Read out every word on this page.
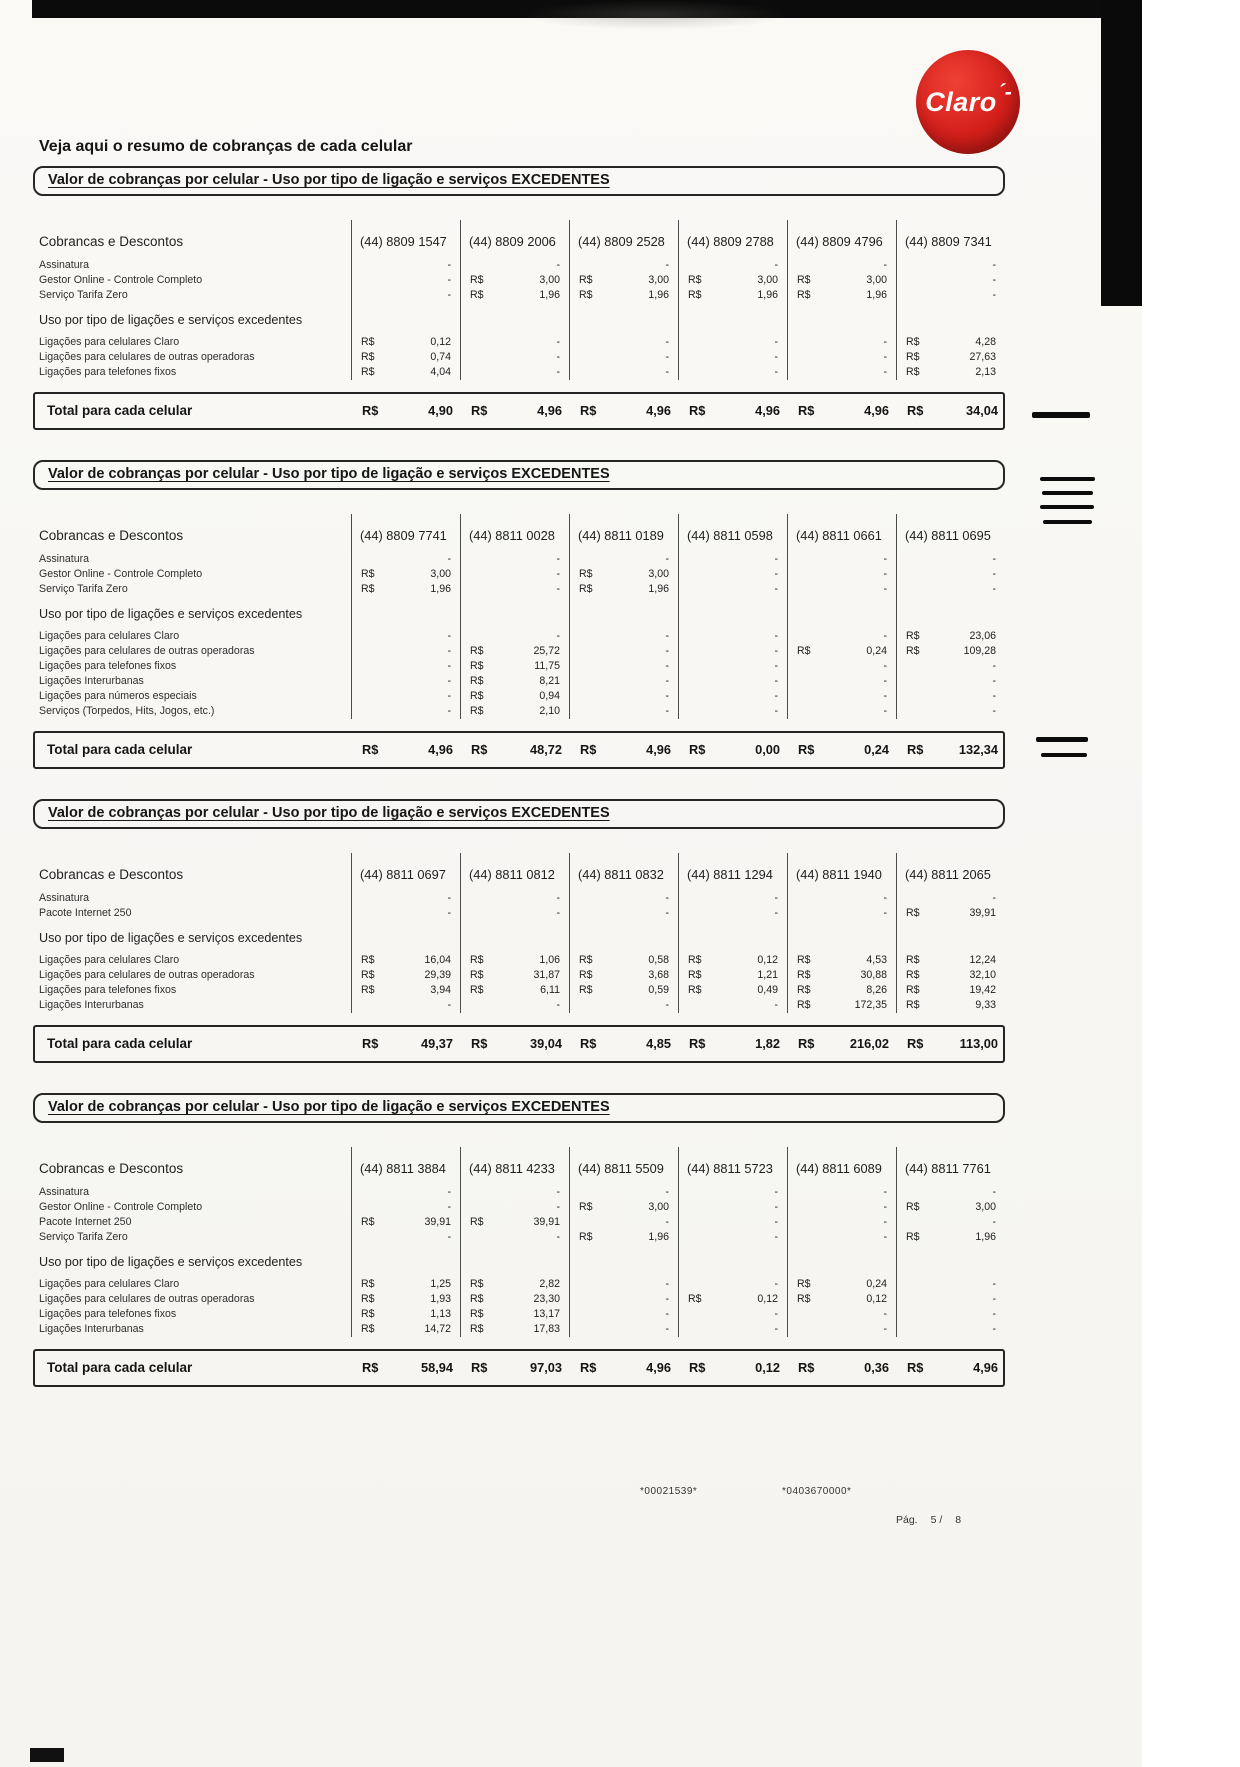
Claro ´-
Veja aqui o resumo de cobranças de cada celular
Valor de cobranças por celular - Uso por tipo de ligação e serviços EXCEDENTES
Cobrancas e Descontos	(44) 8809 1547	(44) 8809 2006	(44) 8809 2528	(44) 8809 2788	(44) 8809 4796	(44) 8809 7341
Assinatura	-	-	-	-	-	-
Gestor Online - Controle Completo	- R$	3,00 R$	3,00 R$	3,00 R$	3,00	-
Serviço Tarifa Zero	- R$	1,96 R$	1,96 R$	1,96 R$	1,96	-
Uso por tipo de ligações e serviços excedentes
Ligações para celulares Claro	R$	0,12	-	-	-	- R$	4,28
Ligações para celulares de outras operadoras	R$	0,74	-	-	-	- R$	27,63
Ligações para telefones fixos	R$	4,04	-	-	-	- R$	2,13
Total para cada celular	R$	4,90 R$	4,96 R$	4,96 R$	4,96 R$	4,96 R$	34,04
Valor de cobranças por celular - Uso por tipo de ligação e serviços EXCEDENTES
Cobrancas e Descontos	(44) 8809 7741	(44) 8811 0028	(44) 8811 0189	(44) 8811 0598	(44) 8811 0661	(44) 8811 0695
Assinatura	-	-	-	-	-	-
Gestor Online - Controle Completo	R$	3,00	- R$	3,00	-	-	-
Serviço Tarifa Zero	R$	1,96	- R$	1,96	-	-	-
Uso por tipo de ligações e serviços excedentes
Ligações para celulares Claro	-	-	-	-	- R$	23,06
Ligações para celulares de outras operadoras	- R$	25,72	-	- R$	0,24 R$	109,28
Ligações para telefones fixos	- R$	11,75	-	-	-	-
Ligações Interurbanas	- R$	8,21	-	-	-	-
Ligações para números especiais	- R$	0,94	-	-	-	-
Serviços (Torpedos, Hits, Jogos, etc.)	- R$	2,10	-	-	-	-
Total para cada celular	R$	4,96 R$	48,72 R$	4,96 R$	0,00 R$	0,24 R$	132,34
Valor de cobranças por celular - Uso por tipo de ligação e serviços EXCEDENTES
Cobrancas e Descontos	(44) 8811 0697	(44) 8811 0812	(44) 8811 0832	(44) 8811 1294	(44) 8811 1940	(44) 8811 2065
Assinatura	-	-	-	-	-	-
Pacote Internet 250	-	-	-	-	- R$	39,91
Uso por tipo de ligações e serviços excedentes
Ligações para celulares Claro	R$	16,04 R$	1,06 R$	0,58 R$	0,12 R$	4,53 R$	12,24
Ligações para celulares de outras operadoras	R$	29,39 R$	31,87 R$	3,68 R$	1,21 R$	30,88 R$	32,10
Ligações para telefones fixos	R$	3,94 R$	6,11 R$	0,59 R$	0,49 R$	8,26 R$	19,42
Ligações Interurbanas	-	-	-	- R$	172,35 R$	9,33
Total para cada celular	R$	49,37 R$	39,04 R$	4,85 R$	1,82 R$	216,02 R$	113,00
Valor de cobranças por celular - Uso por tipo de ligação e serviços EXCEDENTES
Cobrancas e Descontos	(44) 8811 3884	(44) 8811 4233	(44) 8811 5509	(44) 8811 5723	(44) 8811 6089	(44) 8811 7761
Assinatura	-	-	-	-	-	-
Gestor Online - Controle Completo	-	- R$	3,00	-	- R$	3,00
Pacote Internet 250	R$	39,91 R$	39,91	-	-	-	-
Serviço Tarifa Zero	-	- R$	1,96	-	- R$	1,96
Uso por tipo de ligações e serviços excedentes
Ligações para celulares Claro	R$	1,25 R$	2,82	-	- R$	0,24	-
Ligações para celulares de outras operadoras	R$	1,93 R$	23,30	- R$	0,12 R$	0,12	-
Ligações para telefones fixos	R$	1,13 R$	13,17	-	-	-	-
Ligações Interurbanas	R$	14,72 R$	17,83	-	-	-	-
Total para cada celular	R$	58,94 R$	97,03 R$	4,96 R$	0,12 R$	0,36 R$	4,96
*00021539*	*0403670000*
Pág. 5 / 8
